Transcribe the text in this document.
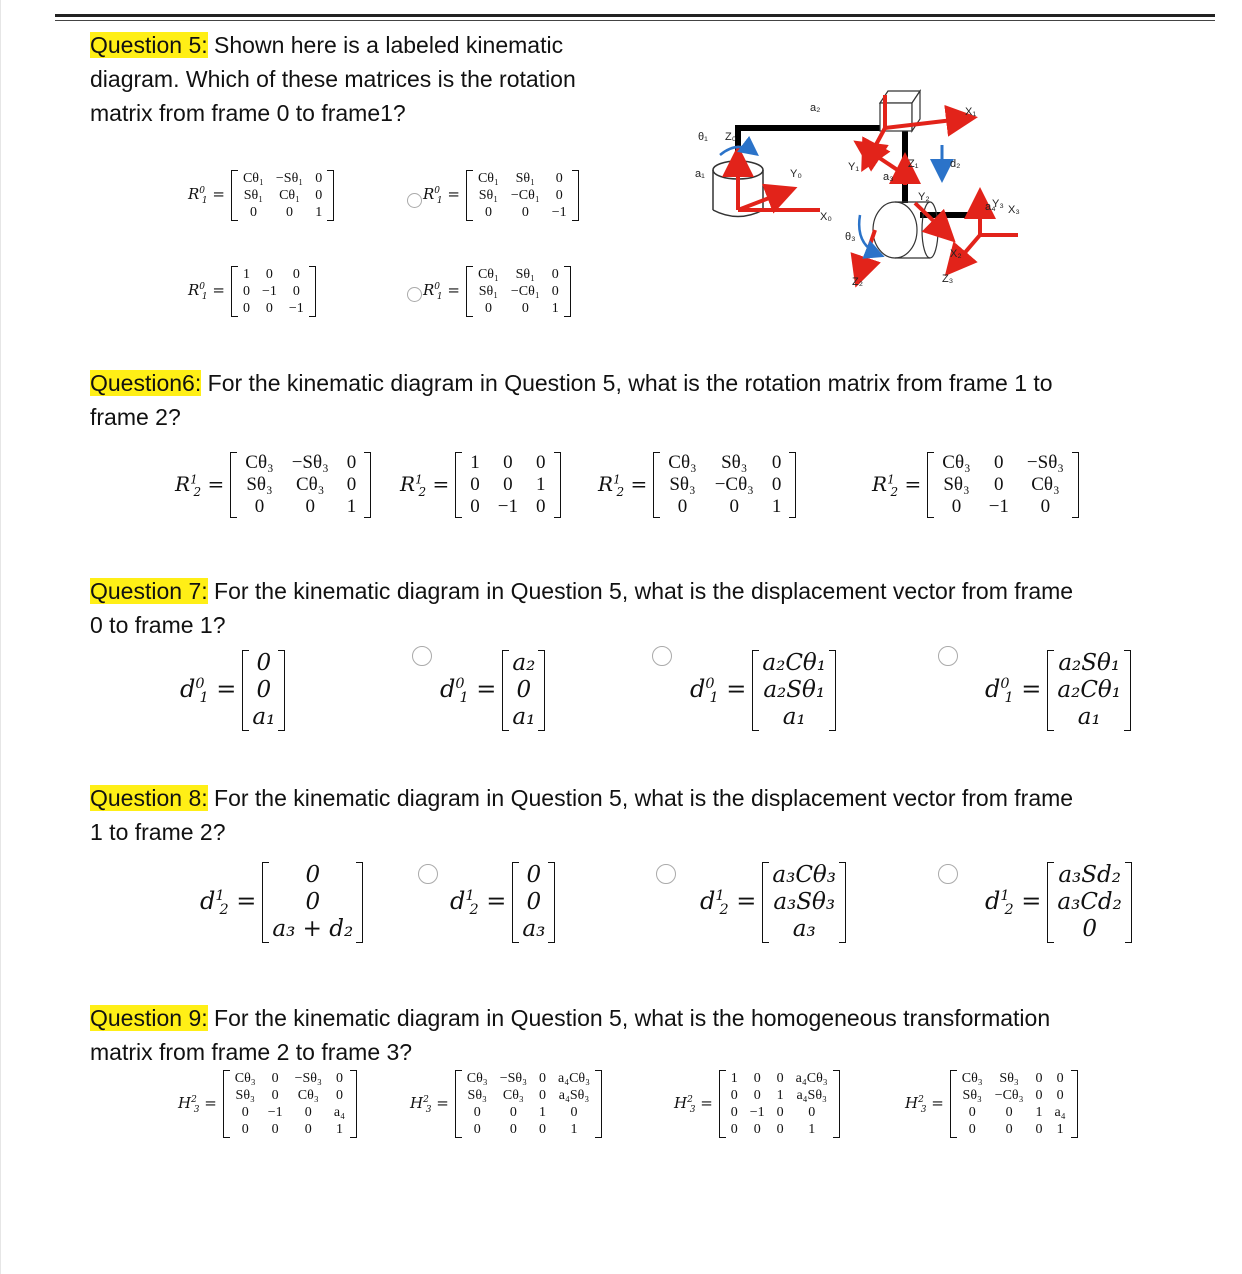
Question 5: Shown here is a labeled kinematic
diagram. Which of these matrices is the rotation
matrix from frame 0 to frame1?
$R^0_1$ =
Cθ₁	−Sθ₁	0
Sθ₁	Cθ₁	0
0	0	1
$R^0_1$ =
Cθ₁	Sθ₁	0
Sθ₁	−Cθ₁	0
0	0	−1
$R^0_1$ =
1	0	0
0	−1	0
0	0	−1
$R^0_1$ =
Cθ₁	Sθ₁	0
Sθ₁	−Cθ₁	0
0	0	1
a₂	X₁
θ₁ Z₀
a₁	Y₀
Y₁
a₃
Z₁	d₂
X₀
θ₃
a₄
Y₃ X₃
X₂
Z₂	Z₃
Y₂
Question6: For the kinematic diagram in Question 5, what is the rotation matrix from frame 1 to
frame 2?
$R^1_2$ =
Cθ₃	−Sθ₃	0
Sθ₃	Cθ₃	0
0	0	1
$R^1_2$ =
1	0	0
0	0	1
0	−1	0
$R^1_2$ =
Cθ₃	Sθ₃	0
Sθ₃	−Cθ₃	0
0	0	1
$R^1_2$ =
Cθ₃	0	−Sθ₃
Sθ₃	0	Cθ₃
0	−1	0
Question 7: For the kinematic diagram in Question 5, what is the displacement vector from frame
0 to frame 1?
$d^0_1$ =
0
0
a₁
$d^0_1$ =
a₂
0
a₁
$d^0_1$ =
a₂Cθ₁
a₂Sθ₁
a₁
$d^0_1$ =
a₂Sθ₁
a₂Cθ₁
a₁
Question 8: For the kinematic diagram in Question 5, what is the displacement vector from frame
1 to frame 2?
$d^1_2$ =
0
0
a₃ + d₂
$d^1_2$ =
0
0
a₃
$d^1_2$ =
a₃Cθ₃
a₃Sθ₃
a₃
$d^1_2$ =
a₃Sd₂
a₃Cd₂
0
Question 9: For the kinematic diagram in Question 5, what is the homogeneous transformation
matrix from frame 2 to frame 3?
$H^2_3$ =
Cθ₃	0	−Sθ₃	0
Sθ₃	0	Cθ₃	0
0	−1	0	a₄
0	0	0	1
$H^2_3$ =
Cθ₃	−Sθ₃	0	a₄Cθ₃
Sθ₃	Cθ₃	0	a₄Sθ₃
0	0	1	0
0	0	0	1
$H^2_3$ =
1	0	0	a₄Cθ₃
0	0	1	a₄Sθ₃
0	−1	0	0
0	0	0	1
$H^2_3$ =
Cθ₃	Sθ₃	0	0
Sθ₃	−Cθ₃	0	0
0	0	1	a₄
0	0	0	1
